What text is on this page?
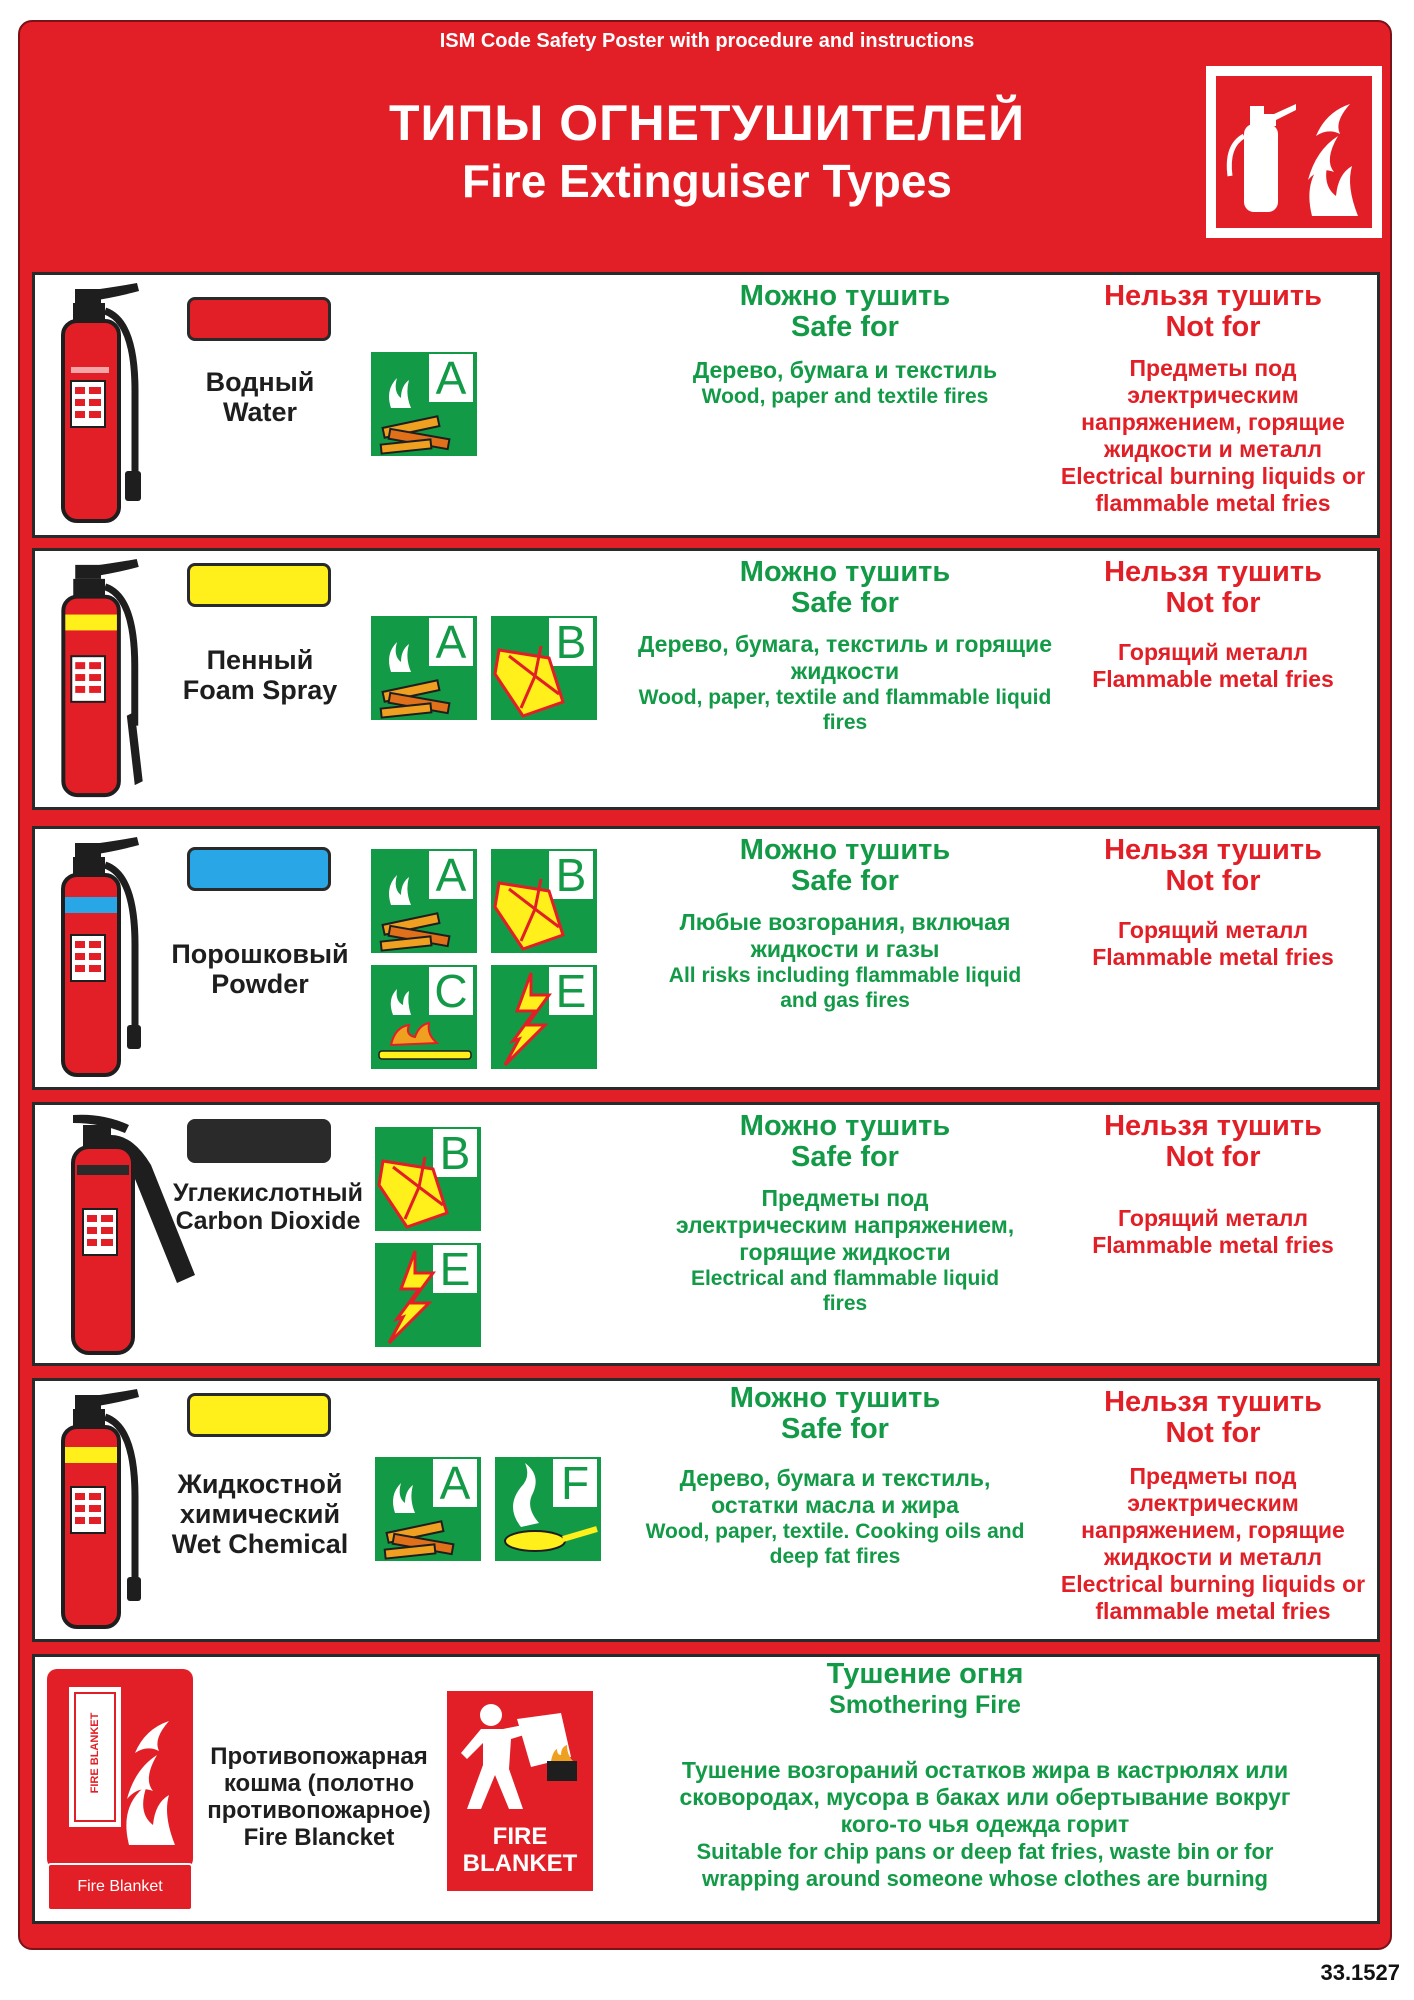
ISM Code Safety Poster with procedure and instructions
ТИПЫ ОГНЕТУШИТЕЛЕЙ
Fire Extinguiser Types
Водный
Water
A
Можно тушить
Safe for
Дерево, бумага и текстиль
Wood, paper and textile fires
Нельзя тушить
Not for
Предметы под электрическим напряжением, горящие жидкости и металл
Electrical burning liquids or flammable metal fries
Пенный
Foam Spray
A B
Можно тушить
Safe for
Дерево, бумага, текстиль и горящие жидкости
Wood, paper, textile and flammable liquid fires
Нельзя тушить
Not for
Горящий металл
Flammable metal fries
Порошковый
Powder
A B
C E
Можно тушить
Safe for
Любые возгорания, включая жидкости и газы
All risks including flammable liquid and gas fires
Нельзя тушить
Not for
Горящий металл
Flammable metal fries
Углекислотный
Carbon Dioxide
B
E
Можно тушить
Safe for
Предметы под электрическим напряжением, горящие жидкости
Electrical and flammable liquid fires
Нельзя тушить
Not for
Горящий металл
Flammable metal fries
Жидкостной химический
Wet Chemical
A F
Можно тушить
Safe for
Дерево, бумага и текстиль, остатки масла и жира
Wood, paper, textile. Cooking oils and deep fat fires
Нельзя тушить
Not for
Предметы под электрическим напряжением, горящие жидкости и металл
Electrical burning liquids or flammable metal fries
FIRE BLANKET
Fire Blanket
Противопожарная кошма (полотно противопожарное)
Fire Blancket	FIRE BLANKET
Тушение огня
Smothering Fire
Тушение возгораний остатков жира в кастрюлях или сковородах, мусора в баках или обертывание вокруг кого-то чья одежда горит
Suitable for chip pans or deep fat fries, waste bin or for wrapping around someone whose clothes are burning
33.1527
